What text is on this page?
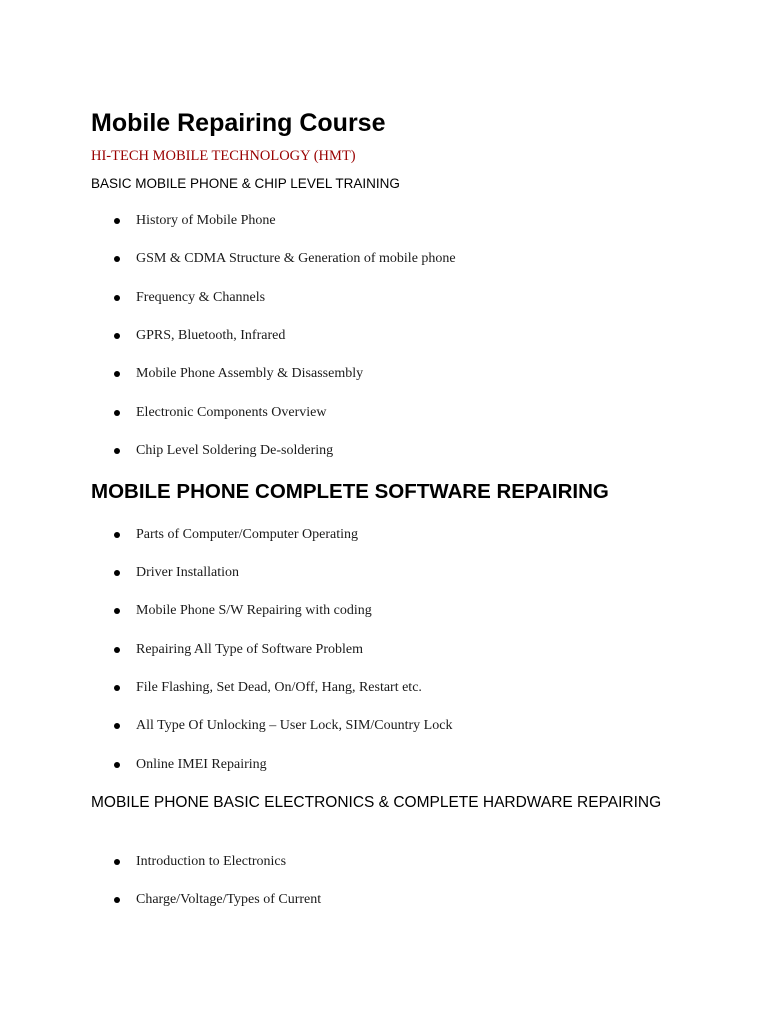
Mobile Repairing Course
HI-TECH MOBILE TECHNOLOGY (HMT)
BASIC MOBILE PHONE & CHIP LEVEL TRAINING
History of Mobile Phone
GSM & CDMA Structure & Generation of mobile phone
Frequency & Channels
GPRS, Bluetooth, Infrared
Mobile Phone Assembly & Disassembly
Electronic Components Overview
Chip Level Soldering De-soldering
MOBILE PHONE COMPLETE SOFTWARE REPAIRING
Parts of Computer/Computer Operating
Driver Installation
Mobile Phone S/W Repairing with coding
Repairing All Type of Software Problem
File Flashing, Set Dead, On/Off, Hang, Restart etc.
All Type Of Unlocking – User Lock, SIM/Country Lock
Online IMEI Repairing
MOBILE PHONE BASIC ELECTRONICS & COMPLETE HARDWARE REPAIRING
Introduction to Electronics
Charge/Voltage/Types of Current
